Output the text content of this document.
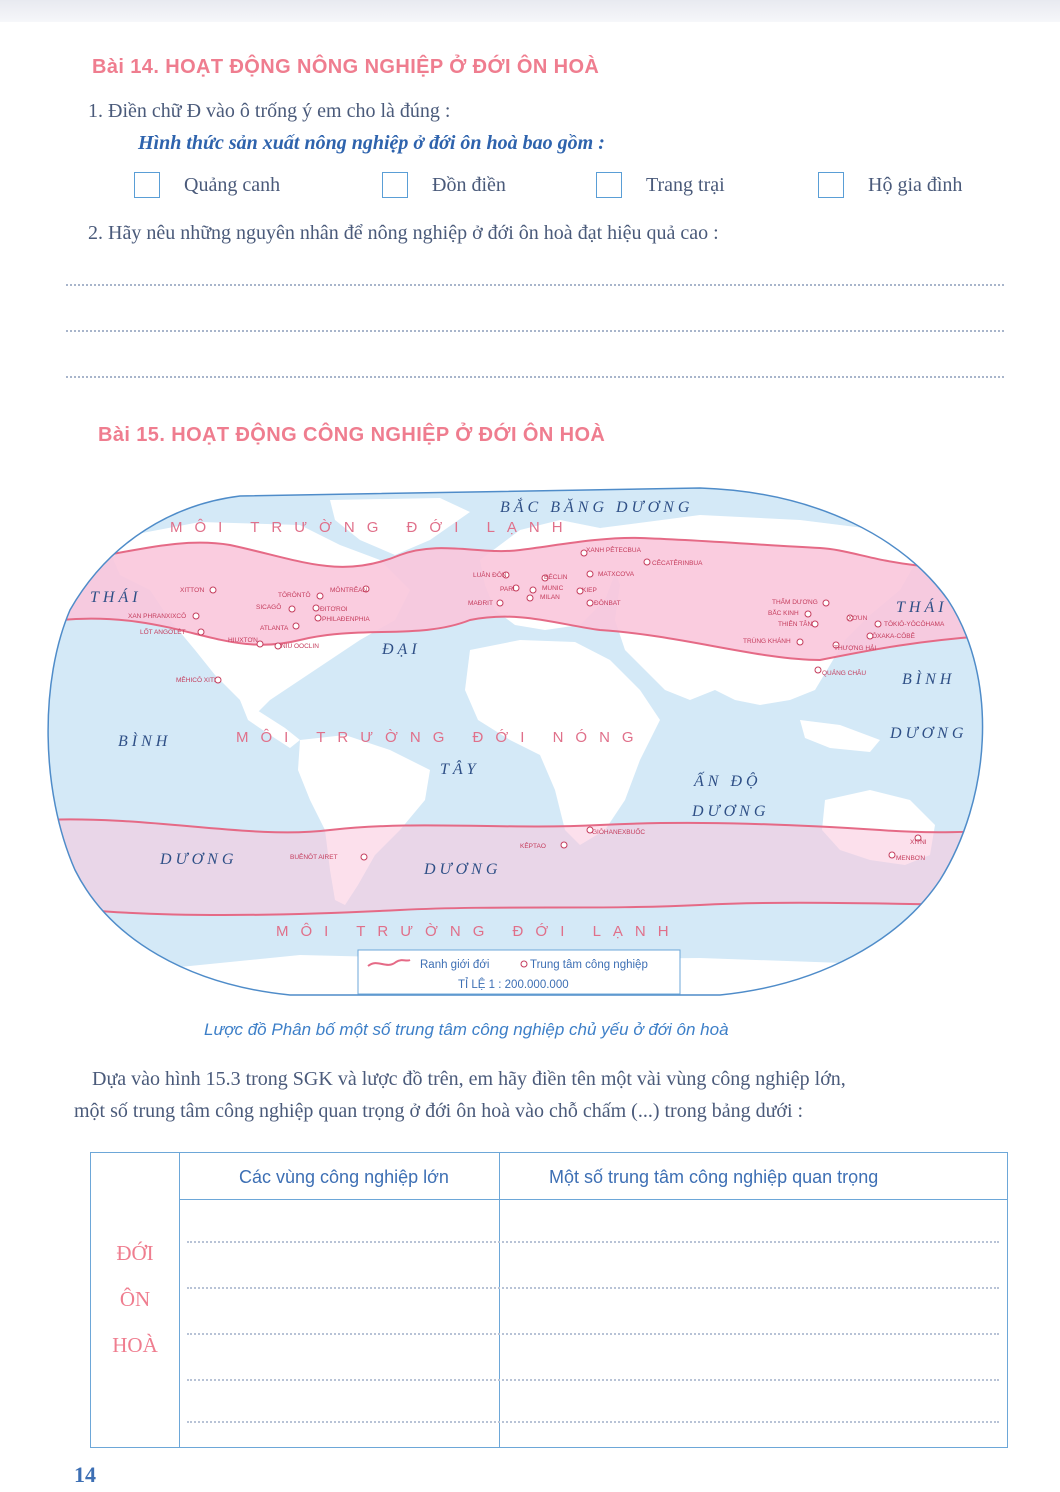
Bài 14. HOẠT ĐỘNG NÔNG NGHIỆP Ở ĐỚI ÔN HOÀ
1. Điền chữ Đ vào ô trống ý em cho là đúng :
Hình thức sản xuất nông nghiệp ở đới ôn hoà bao gồm :
Quảng canh	Đồn điền	Trang trại	Hộ gia đình
2. Hãy nêu những nguyên nhân để nông nghiệp ở đới ôn hoà đạt hiệu quả cao :
Bài 15. HOẠT ĐỘNG CÔNG NGHIỆP Ở ĐỚI ÔN HOÀ
MÔI TRƯỜNG ĐỚI LẠNH
MÔI TRƯỜNG ĐỚI NÓNG
MÔI TRƯỜNG ĐỚI LẠNH
BẮC BĂNG DƯƠNG
THÁI
BÌNH
DƯƠNG
ĐẠI
TÂY
DƯƠNG
ẤN ĐỘ
DƯƠNG
THÁI
BÌNH
DƯƠNG
XITTƠN
XAN PHRANXIXCÔ
LỐT ANGƠLÉT
MÊHICÔ XITI
TÔRÔNTÔ
MÔNTRÊAN
SICAGÔ	ĐITƠROI
PHILAĐENPHIA
ATLANTA
NIU OOCLIN
HIUXTƠN
LUÂN ĐÔN
PARI
MAĐRIT
BÉCLIN
MUNIC
MILAN
XANH PÊTECBUA
MATXCƠVA
CÊCATÊRINBUA
KIEP
ĐÔNBAT	THẨM DƯƠNG
BẮC KINH
THIÊN TÂN
XƠUN
TÔKIÔ-YÔCÔHAMA
ÔXAKA-CÔBÊ
TRÙNG KHÁNH
THƯỢNG HẢI
QUẢNG CHÂU
BUÊNÔT AIRET
KÊPTAO
GIÔHANEXBUỐC
XITNI
MENBƠN
Ranh giới đới	Trung tâm công nghiệp
TỈ LỆ 1 : 200.000.000
Lược đồ Phân bố một số trung tâm công nghiệp chủ yếu ở đới ôn hoà
Dựa vào hình 15.3 trong SGK và lược đồ trên, em hãy điền tên một vài vùng công nghiệp lớn,
một số trung tâm công nghiệp quan trọng ở đới ôn hoà vào chỗ chấm (...) trong bảng dưới :
Các vùng công nghiệp lớn	Một số trung tâm công nghiệp quan trọng
ĐỚI
ÔN
HOÀ
14
